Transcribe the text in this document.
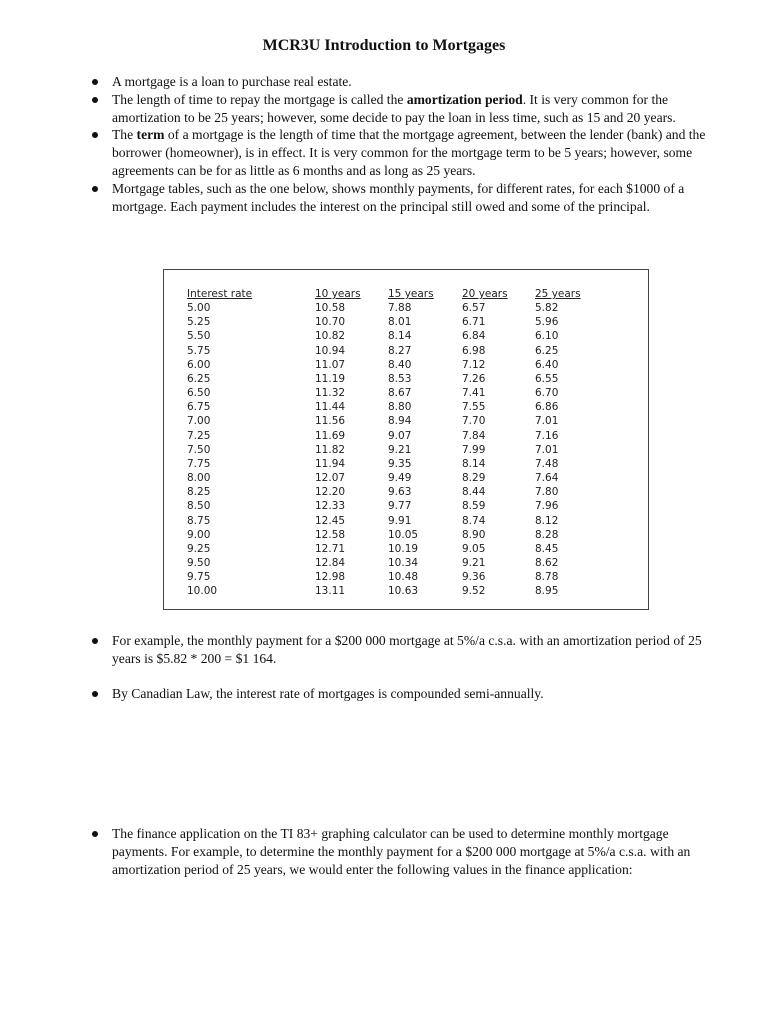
MCR3U Introduction to Mortgages
A mortgage is a loan to purchase real estate.
The length of time to repay the mortgage is called the amortization period. It is very common for the amortization to be 25 years; however, some decide to pay the loan in less time, such as 15 and 20 years.
The term of a mortgage is the length of time that the mortgage agreement, between the lender (bank) and the borrower (homeowner), is in effect. It is very common for the mortgage term to be 5 years; however, some agreements can be for as little as 6 months and as long as 25 years.
Mortgage tables, such as the one below, shows monthly payments, for different rates, for each $1000 of a mortgage. Each payment includes the interest on the principal still owed and some of the principal.
Interest rate	10 years	15 years	20 years	25 years
5.00	10.58	7.88	6.57	5.82
5.25	10.70	8.01	6.71	5.96
5.50	10.82	8.14	6.84	6.10
5.75	10.94	8.27	6.98	6.25
6.00	11.07	8.40	7.12	6.40
6.25	11.19	8.53	7.26	6.55
6.50	11.32	8.67	7.41	6.70
6.75	11.44	8.80	7.55	6.86
7.00	11.56	8.94	7.70	7.01
7.25	11.69	9.07	7.84	7.16
7.50	11.82	9.21	7.99	7.01
7.75	11.94	9.35	8.14	7.48
8.00	12.07	9.49	8.29	7.64
8.25	12.20	9.63	8.44	7.80
8.50	12.33	9.77	8.59	7.96
8.75	12.45	9.91	8.74	8.12
9.00	12.58	10.05	8.90	8.28
9.25	12.71	10.19	9.05	8.45
9.50	12.84	10.34	9.21	8.62
9.75	12.98	10.48	9.36	8.78
10.00	13.11	10.63	9.52	8.95
For example, the monthly payment for a $200 000 mortgage at 5%/a c.s.a. with an amortization period of 25 years is $5.82 * 200 = $1 164.
By Canadian Law, the interest rate of mortgages is compounded semi-annually.
The finance application on the TI 83+ graphing calculator can be used to determine monthly mortgage payments. For example, to determine the monthly payment for a $200 000 mortgage at 5%/a c.s.a. with an amortization period of 25 years, we would enter the following values in the finance application:
